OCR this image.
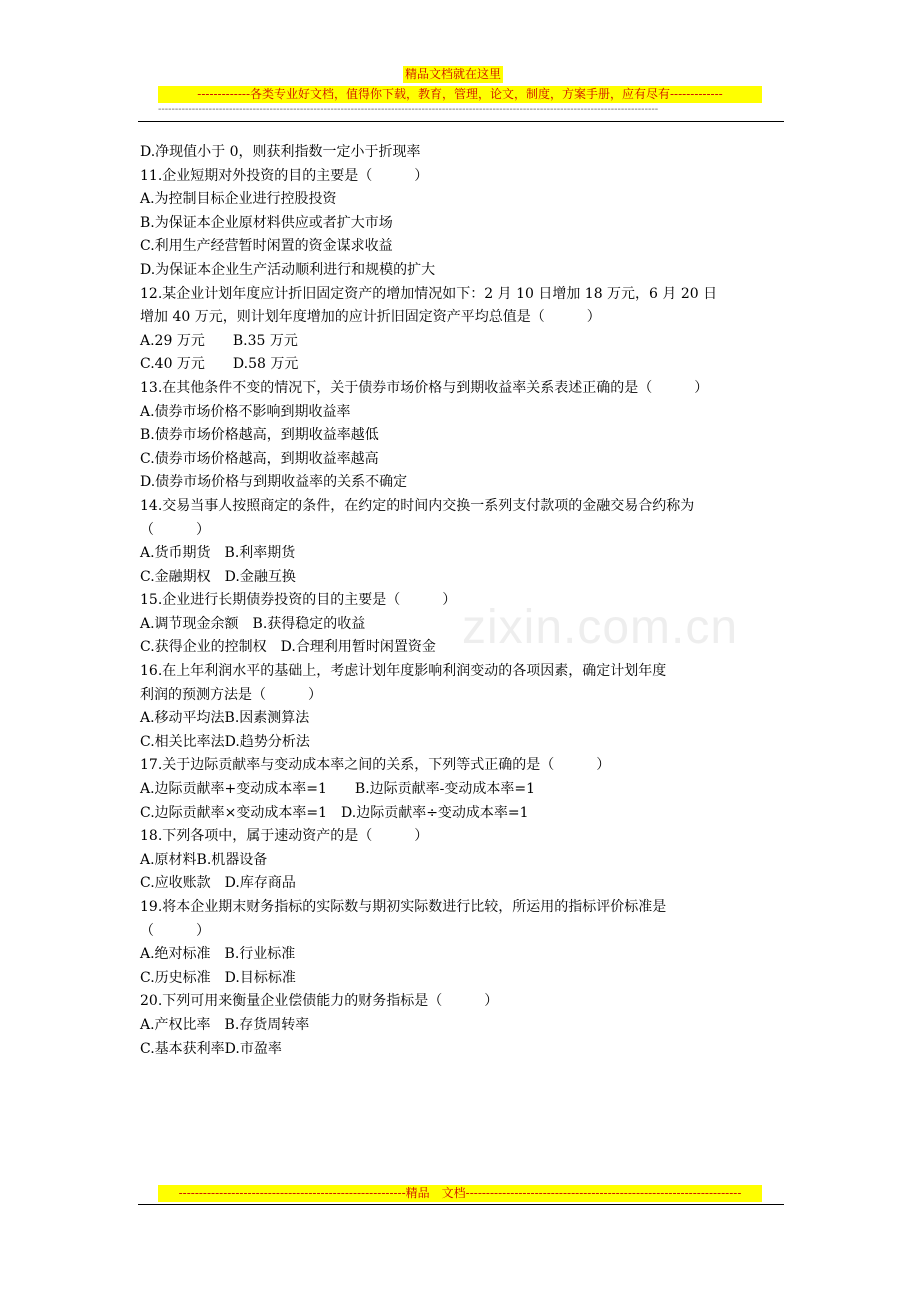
精品文档就在这里
-------------各类专业好文档，值得你下载，教育，管理，论文，制度，方案手册，应有尽有-------------
----------------------------------------------------------------------------------------------------------------------------------------------------
zixin.com.cn
D.净现值小于 0，则获利指数一定小于折现率
11.企业短期对外投资的目的主要是（　　　）
A.为控制目标企业进行控股投资
B.为保证本企业原材料供应或者扩大市场
C.利用生产经营暂时闲置的资金谋求收益
D.为保证本企业生产活动顺利进行和规模的扩大
12.某企业计划年度应计折旧固定资产的增加情况如下：2 月 10 日增加 18 万元，6 月 20 日
增加 40 万元，则计划年度增加的应计折旧固定资产平均总值是（　　　）
A.29 万元　　B.35 万元
C.40 万元　　D.58 万元
13.在其他条件不变的情况下，关于债券市场价格与到期收益率关系表述正确的是（　　　）
A.债券市场价格不影响到期收益率
B.债券市场价格越高，到期收益率越低
C.债券市场价格越高，到期收益率越高
D.债券市场价格与到期收益率的关系不确定
14.交易当事人按照商定的条件，在约定的时间内交换一系列支付款项的金融交易合约称为
（　　　）
A.货币期货　B.利率期货
C.金融期权　D.金融互换
15.企业进行长期债券投资的目的主要是（　　　）
A.调节现金余额　B.获得稳定的收益
C.获得企业的控制权　D.合理利用暂时闲置资金
16.在上年利润水平的基础上，考虑计划年度影响利润变动的各项因素，确定计划年度
利润的预测方法是（　　　）
A.移动平均法B.因素测算法
C.相关比率法D.趋势分析法
17.关于边际贡献率与变动成本率之间的关系，下列等式正确的是（　　　）
A.边际贡献率+变动成本率=1　　B.边际贡献率-变动成本率=1
C.边际贡献率×变动成本率=1　D.边际贡献率÷变动成本率=1
18.下列各项中，属于速动资产的是（　　　）
A.原材料B.机器设备
C.应收账款　D.库存商品
19.将本企业期末财务指标的实际数与期初实际数进行比较，所运用的指标评价标准是
（　　　）
A.绝对标准　B.行业标准
C.历史标准　D.目标标准
20.下列可用来衡量企业偿债能力的财务指标是（　　　）
A.产权比率　B.存货周转率
C.基本获利率D.市盈率
--------------------------------------------------------精品　文档--------------------------------------------------------------------
